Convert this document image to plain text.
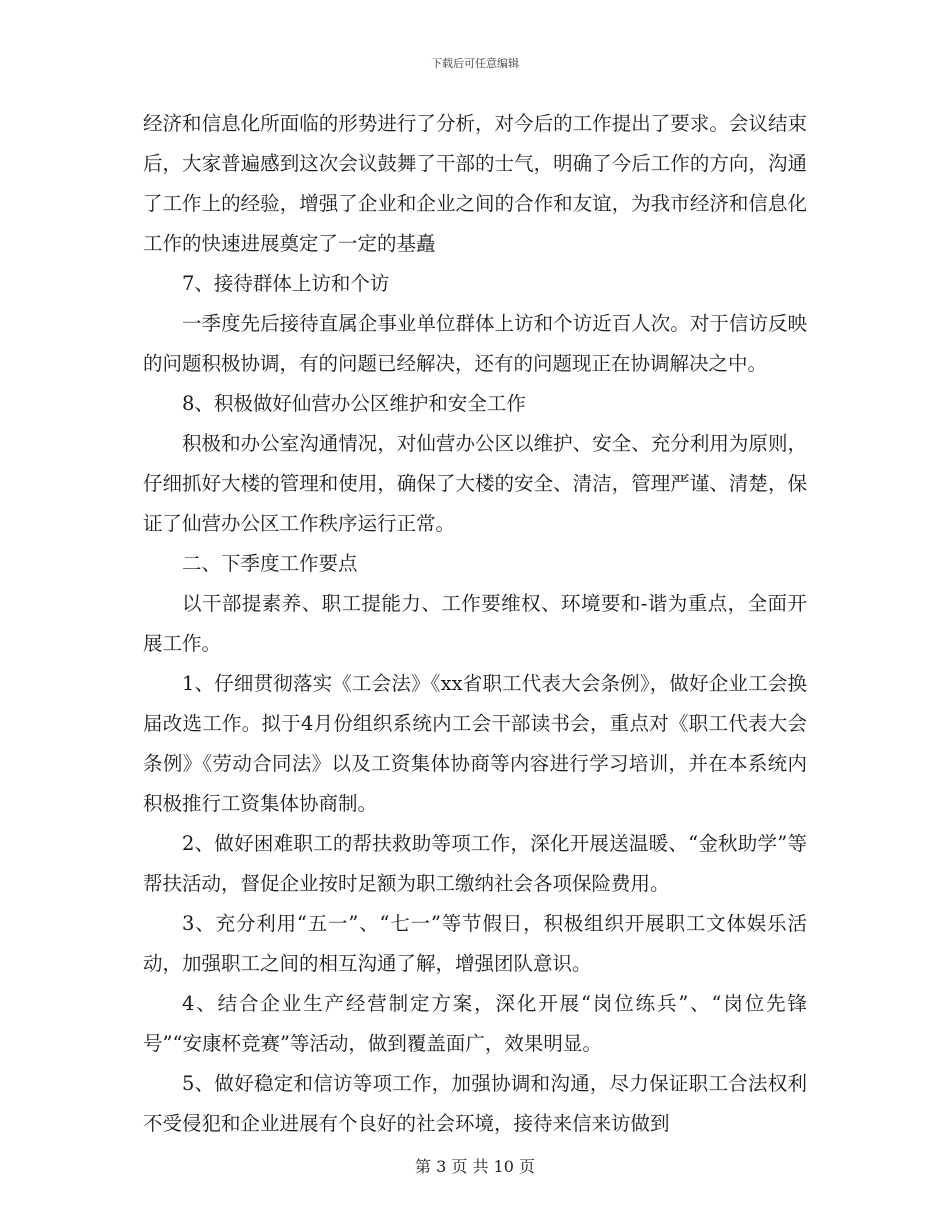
下载后可任意编辑

经济和信息化所面临的形势进行了分析，对今后的工作提出了要求。会议结束后，大家普遍感到这次会议鼓舞了干部的士气，明确了今后工作的方向，沟通了工作上的经验，增强了企业和企业之间的合作和友谊，为我市经济和信息化工作的快速进展奠定了一定的基矗

7、接待群体上访和个访

一季度先后接待直属企事业单位群体上访和个访近百人次。对于信访反映的问题积极协调，有的问题已经解决，还有的问题现正在协调解决之中。

8、积极做好仙营办公区维护和安全工作

积极和办公室沟通情况，对仙营办公区以维护、安全、充分利用为原则，仔细抓好大楼的管理和使用，确保了大楼的安全、清洁，管理严谨、清楚，保证了仙营办公区工作秩序运行正常。

二、下季度工作要点

以干部提素养、职工提能力、工作要维权、环境要和-谐为重点，全面开展工作。

1、仔细贯彻落实《工会法》《xx省职工代表大会条例》，做好企业工会换届改选工作。拟于4月份组织系统内工会干部读书会，重点对《职工代表大会条例》《劳动合同法》以及工资集体协商等内容进行学习培训，并在本系统内积极推行工资集体协商制。

2、做好困难职工的帮扶救助等项工作，深化开展送温暖、“金秋助学”等帮扶活动，督促企业按时足额为职工缴纳社会各项保险费用。

3、充分利用“五一”、“七一”等节假日，积极组织开展职工文体娱乐活动，加强职工之间的相互沟通了解，增强团队意识。

4、结合企业生产经营制定方案，深化开展“岗位练兵”、“岗位先锋号”“安康杯竞赛”等活动，做到覆盖面广，效果明显。

5、做好稳定和信访等项工作，加强协调和沟通，尽力保证职工合法权利不受侵犯和企业进展有个良好的社会环境，接待来信来访做到

第 3 页 共 10 页
